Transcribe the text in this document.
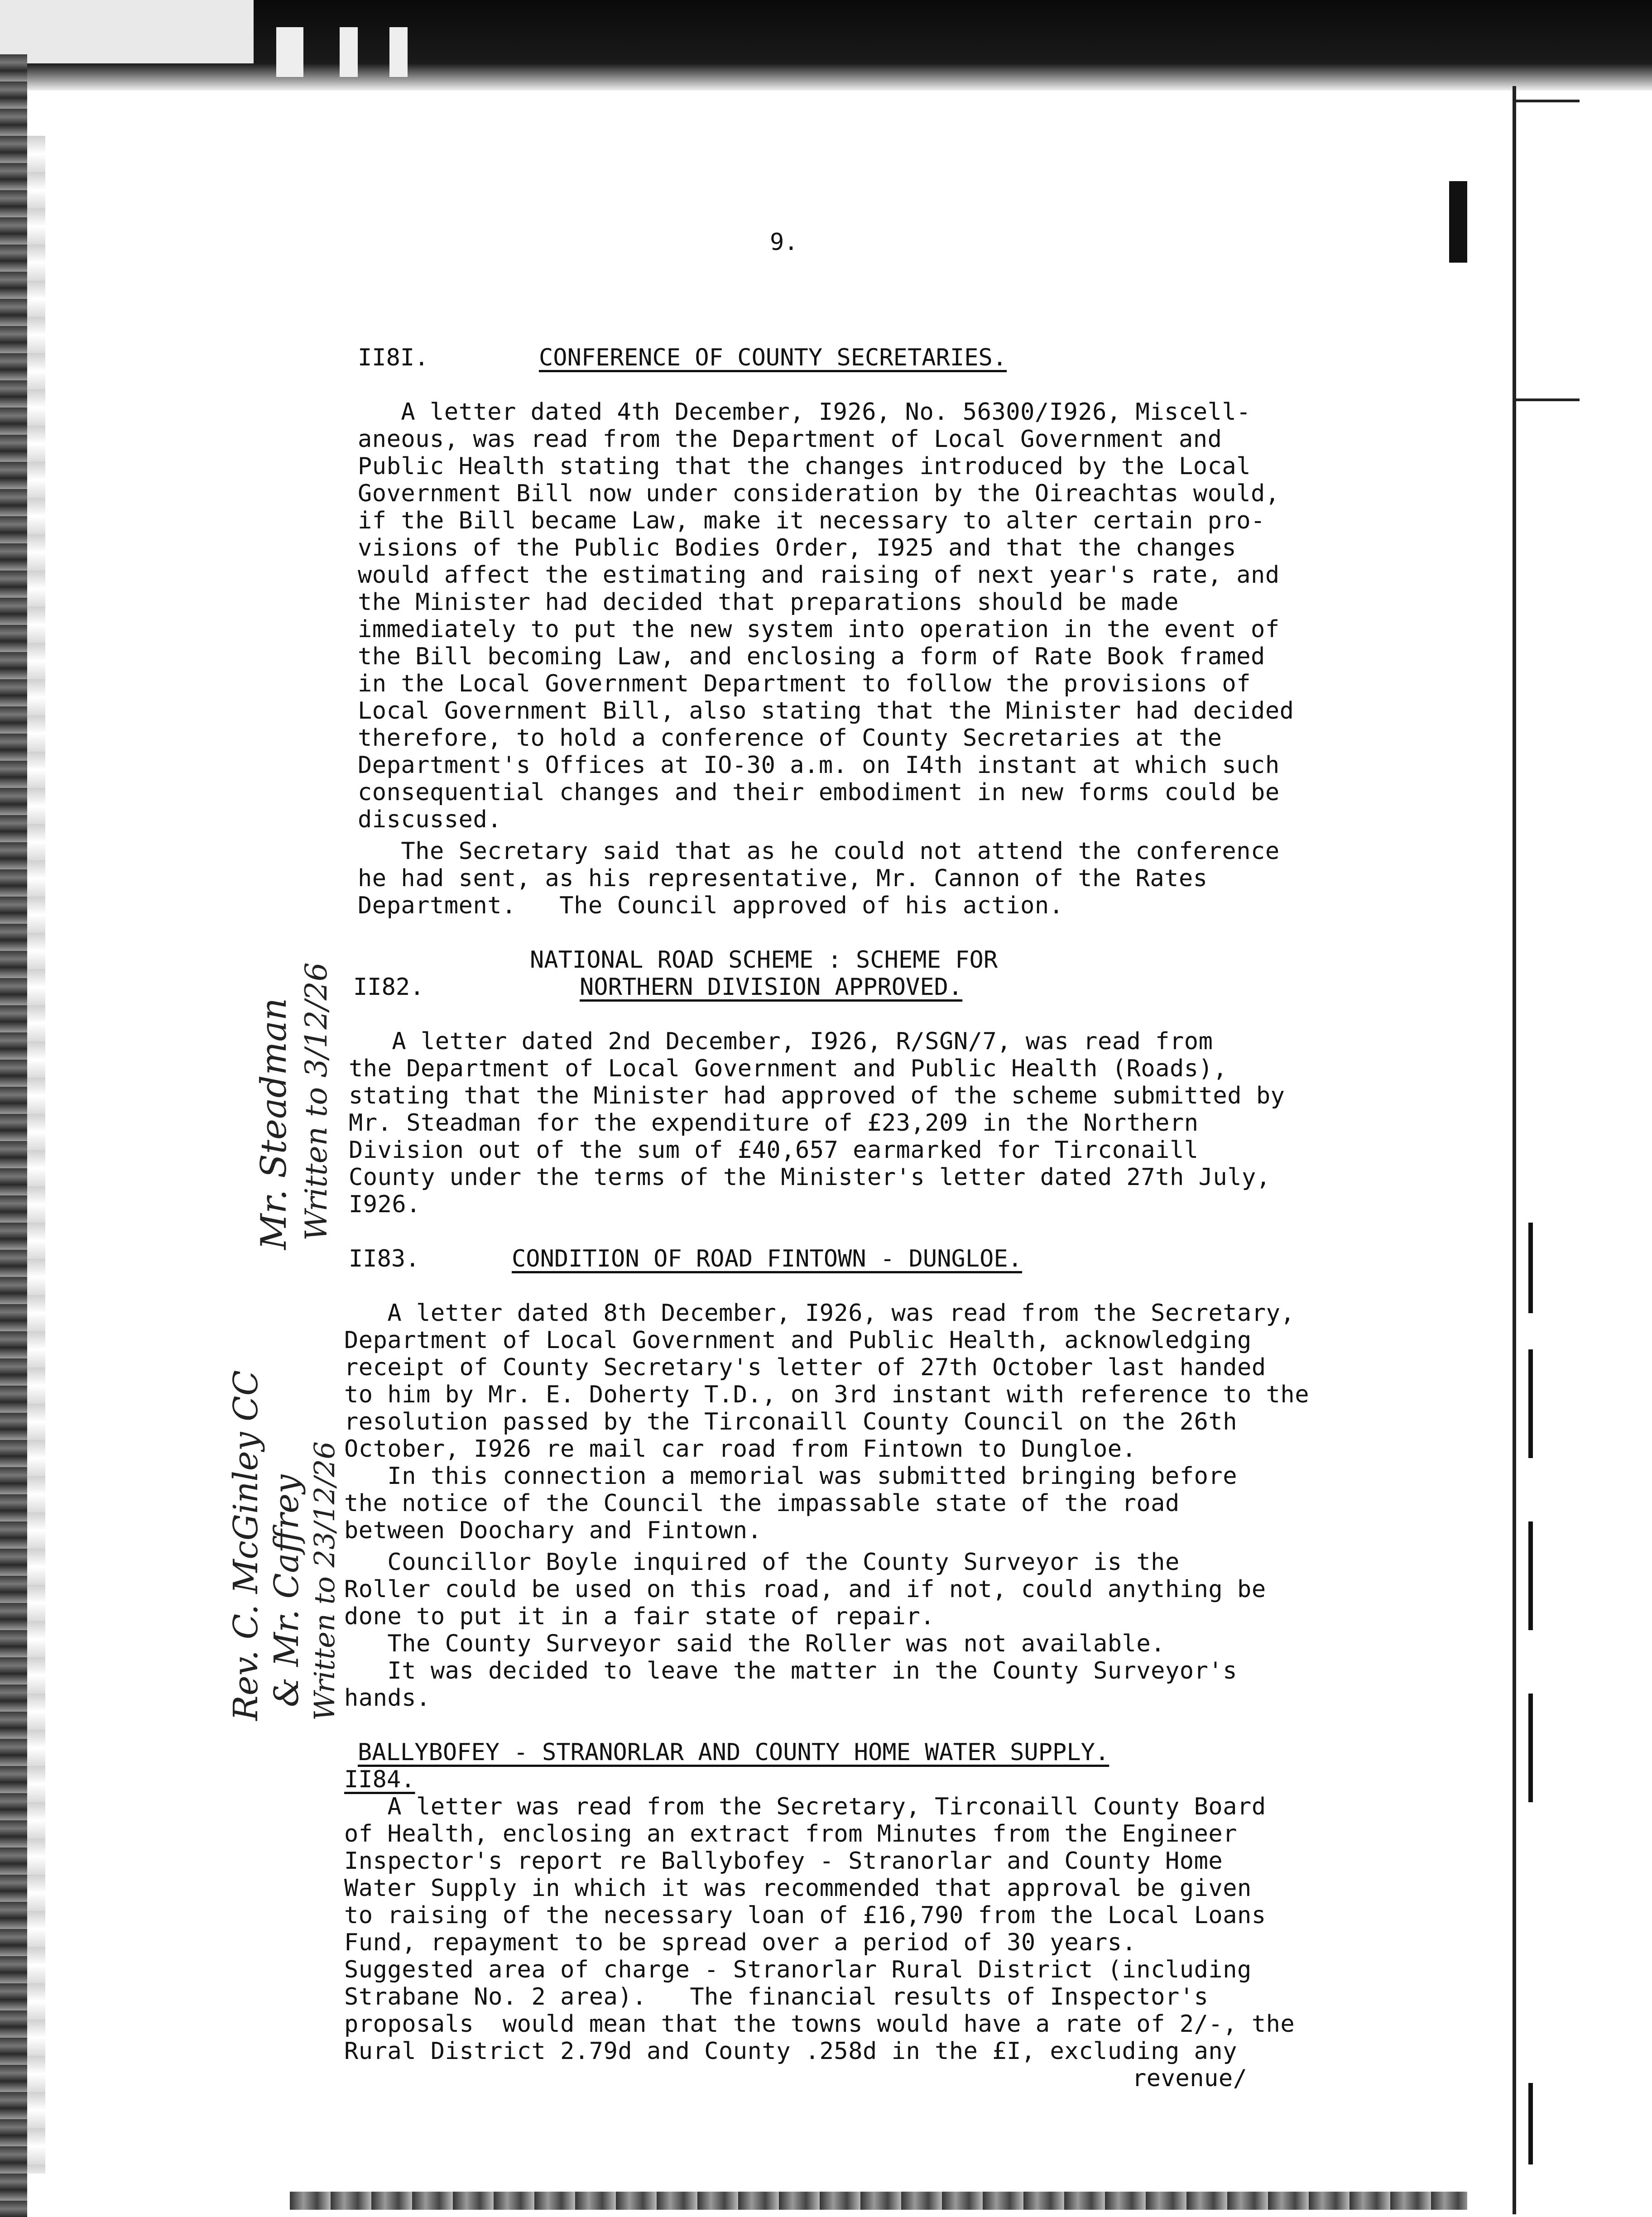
9.
II8I.	CONFERENCE OF COUNTY SECRETARIES.
A letter dated 4th December, I926, No. 56300/I926, Miscell-
aneous, was read from the Department of Local Government and
Public Health stating that the changes introduced by the Local
Government Bill now under consideration by the Oireachtas would,
if the Bill became Law, make it necessary to alter certain pro-
visions of the Public Bodies Order, I925 and that the changes
would affect the estimating and raising of next year's rate, and
the Minister had decided that preparations should be made
immediately to put the new system into operation in the event of
the Bill becoming Law, and enclosing a form of Rate Book framed
in the Local Government Department to follow the provisions of
Local Government Bill, also stating that the Minister had decided
therefore, to hold a conference of County Secretaries at the
Department's Offices at IO-30 a.m. on I4th instant at which such
consequential changes and their embodiment in new forms could be
discussed.
The Secretary said that as he could not attend the conference
he had sent, as his representative, Mr. Cannon of the Rates
Department.   The Council approved of his action.
NATIONAL ROAD SCHEME : SCHEME FOR
II82.	NORTHERN DIVISION APPROVED.
A letter dated 2nd December, I926, R/SGN/7, was read from
the Department of Local Government and Public Health (Roads),
stating that the Minister had approved of the scheme submitted by
Mr. Steadman for the expenditure of £23,209 in the Northern
Division out of the sum of £40,657 earmarked for Tirconaill
County under the terms of the Minister's letter dated 27th July,
I926.
II83.	CONDITION OF ROAD FINTOWN - DUNGLOE.
A letter dated 8th December, I926, was read from the Secretary,
Department of Local Government and Public Health, acknowledging
receipt of County Secretary's letter of 27th October last handed
to him by Mr. E. Doherty T.D., on 3rd instant with reference to the
resolution passed by the Tirconaill County Council on the 26th
October, I926 re mail car road from Fintown to Dungloe.
In this connection a memorial was submitted bringing before
the notice of the Council the impassable state of the road
between Doochary and Fintown.
Councillor Boyle inquired of the County Surveyor is the
Roller could be used on this road, and if not, could anything be
done to put it in a fair state of repair.
The County Surveyor said the Roller was not available.
It was decided to leave the matter in the County Surveyor's
hands.
BALLYBOFEY - STRANORLAR AND COUNTY HOME WATER SUPPLY.
II84.
A letter was read from the Secretary, Tirconaill County Board
of Health, enclosing an extract from Minutes from the Engineer
Inspector's report re Ballybofey - Stranorlar and County Home
Water Supply in which it was recommended that approval be given
to raising of the necessary loan of £16,790 from the Local Loans
Fund, repayment to be spread over a period of 30 years.
Suggested area of charge - Stranorlar Rural District (including
Strabane No. 2 area).   The financial results of Inspector's
proposals  would mean that the towns would have a rate of 2/-, the
Rural District 2.79d and County .258d in the £I, excluding any
revenue/
Mr. Steadman Written to 3/12/26
Rev. C. McGinley CC & Mr. Caffrey Written to 23/12/26
